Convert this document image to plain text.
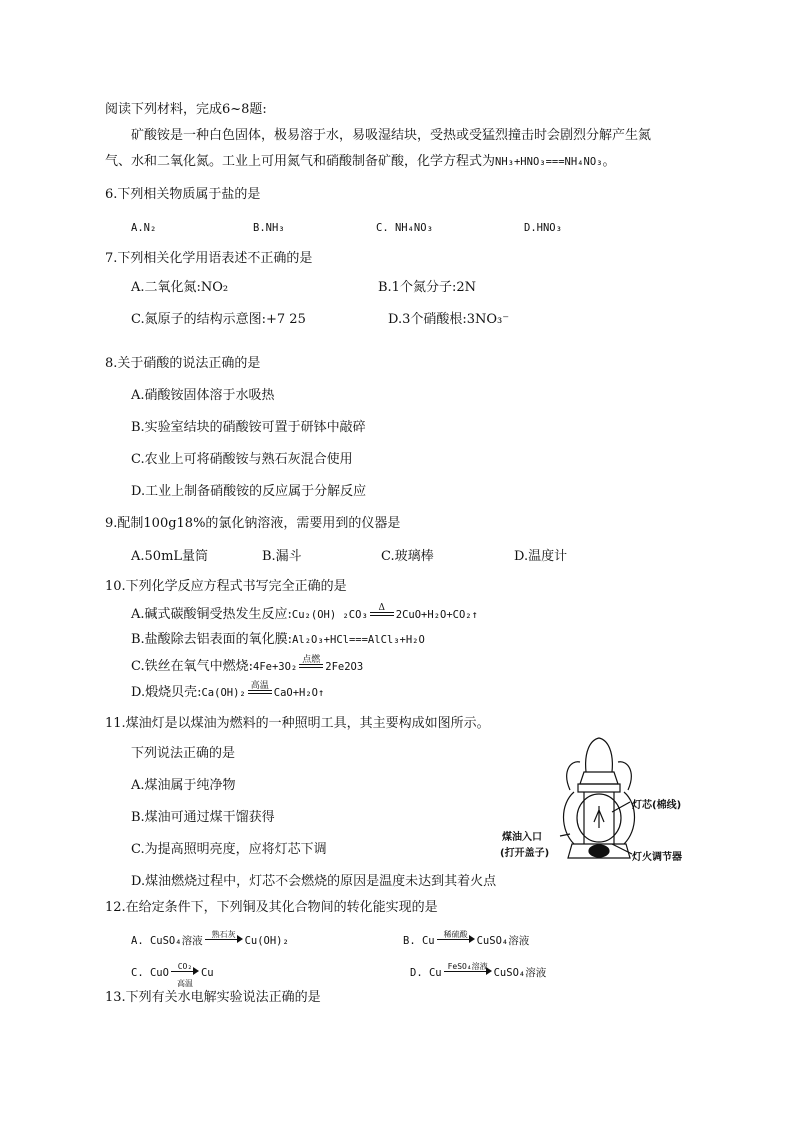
阅读下列材料，完成6~8题:
矿酸铵是一种白色固体，极易溶于水，易吸湿结块，受热或受猛烈撞击时会剧烈分解产生氮
气、水和二氧化氮。工业上可用氮气和硝酸制备矿酸，化学方程式为NH₃+HNO₃===NH₄NO₃。
6.下列相关物质属于盐的是
A.N₂	B.NH₃	C. NH₄NO₃	D.HNO₃
7.下列相关化学用语表述不正确的是
A.二氧化氮:NO₂	B.1个氮分子:2N
C.氮原子的结构示意图:+7 25	D.3个硝酸根:3NO₃⁻
8.关于硝酸的说法正确的是
A.硝酸铵固体溶于水吸热
B.实验室结块的硝酸铵可置于研钵中敲碎
C.农业上可将硝酸铵与熟石灰混合使用
D.工业上制备硝酸铵的反应属于分解反应
9.配制100g18%的氯化钠溶液，需要用到的仪器是
A.50mL量筒	B.漏斗	C.玻璃棒	D.温度计
10.下列化学反应方程式书写完全正确的是
A.碱式碳酸铜受热发生反应:Cu₂(OH) ₂CO₃
Δ
2CuO+H₂O+CO₂↑
B.盐酸除去铝表面的氧化膜:Al₂O₃+HCl===AlCl₃+H₂O
C.铁丝在氧气中燃烧:4Fe+3O₂
点燃
2Fe2O3
D.煅烧贝壳:Ca(OH)₂
高温
CaO+H₂O↑
11.煤油灯是以煤油为燃料的一种照明工具，其主要构成如图所示。
下列说法正确的是
A.煤油属于纯净物
B.煤油可通过煤干馏获得
C.为提高照明亮度，应将灯芯下调
D.煤油燃烧过程中，灯芯不会燃烧的原因是温度未达到其着火点
灯芯(棉线)
煤油入口
(打开盖子)	灯火调节器
12.在给定条件下，下列铜及其化合物间的转化能实现的是
A. CuSO₄溶液
熟石灰
Cu(OH)₂	B. Cu
稀硫酸
CuSO₄溶液
C. CuO
CO₂
高温
Cu	D. Cu
FeSO₄溶液
CuSO₄溶液
13.下列有关水电解实验说法正确的是
